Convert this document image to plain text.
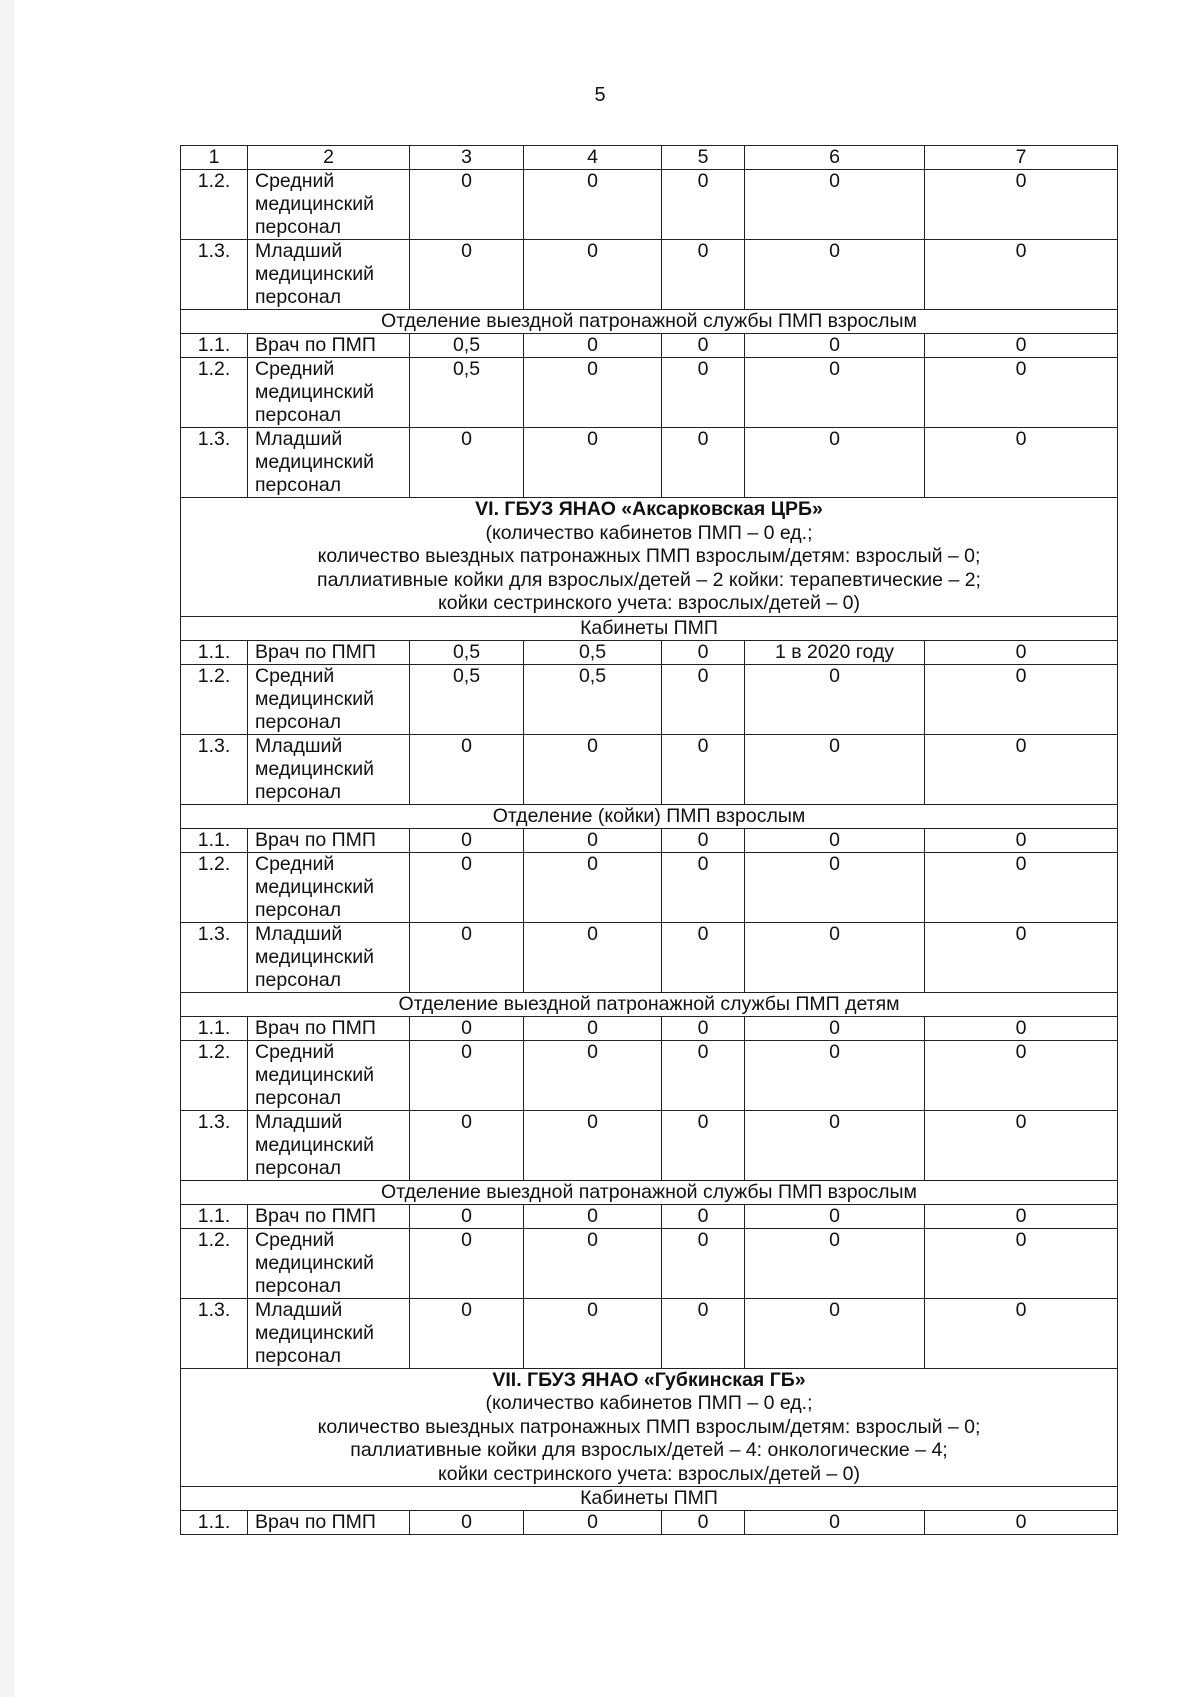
5
1	2	3	4	5	6	7
1.2.	Средний медицинский персонал	0	0	0	0	0
1.3.	Младший медицинский персонал	0	0	0	0	0
Отделение выездной патронажной службы ПМП взрослым						
1.1.	Врач по ПМП	0,5	0	0	0	0
1.2.	Средний медицинский персонал	0,5	0	0	0	0
1.3.	Младший медицинский персонал	0	0	0	0	0

VI. ГБУЗ ЯНАО «Аксарковская ЦРБ»
(количество кабинетов ПМП – 0 ед.;
количество выездных патронажных ПМП взрослым/детям: взрослый – 0;
паллиативные койки для взрослых/детей – 2 койки: терапевтические – 2;
койки сестринского учета: взрослых/детей – 0)						

Кабинеты ПМП						
1.1.	Врач по ПМП	0,5	0,5	0	1 в 2020 году	0
1.2.	Средний медицинский персонал	0,5	0,5	0	0	0
1.3.	Младший медицинский персонал	0	0	0	0	0
Отделение (койки) ПМП взрослым						
1.1.	Врач по ПМП	0	0	0	0	0
1.2.	Средний медицинский персонал	0	0	0	0	0
1.3.	Младший медицинский персонал	0	0	0	0	0
Отделение выездной патронажной службы ПМП детям						
1.1.	Врач по ПМП	0	0	0	0	0
1.2.	Средний медицинский персонал	0	0	0	0	0
1.3.	Младший медицинский персонал	0	0	0	0	0
Отделение выездной патронажной службы ПМП взрослым						
1.1.	Врач по ПМП	0	0	0	0	0
1.2.	Средний медицинский персонал	0	0	0	0	0
1.3.	Младший медицинский персонал	0	0	0	0	0

VII. ГБУЗ ЯНАО «Губкинская ГБ»
(количество кабинетов ПМП – 0 ед.;
количество выездных патронажных ПМП взрослым/детям: взрослый – 0;
паллиативные койки для взрослых/детей – 4: онкологические – 4;
койки сестринского учета: взрослых/детей – 0)						

Кабинеты ПМП						
1.1.	Врач по ПМП	0	0	0	0	0
